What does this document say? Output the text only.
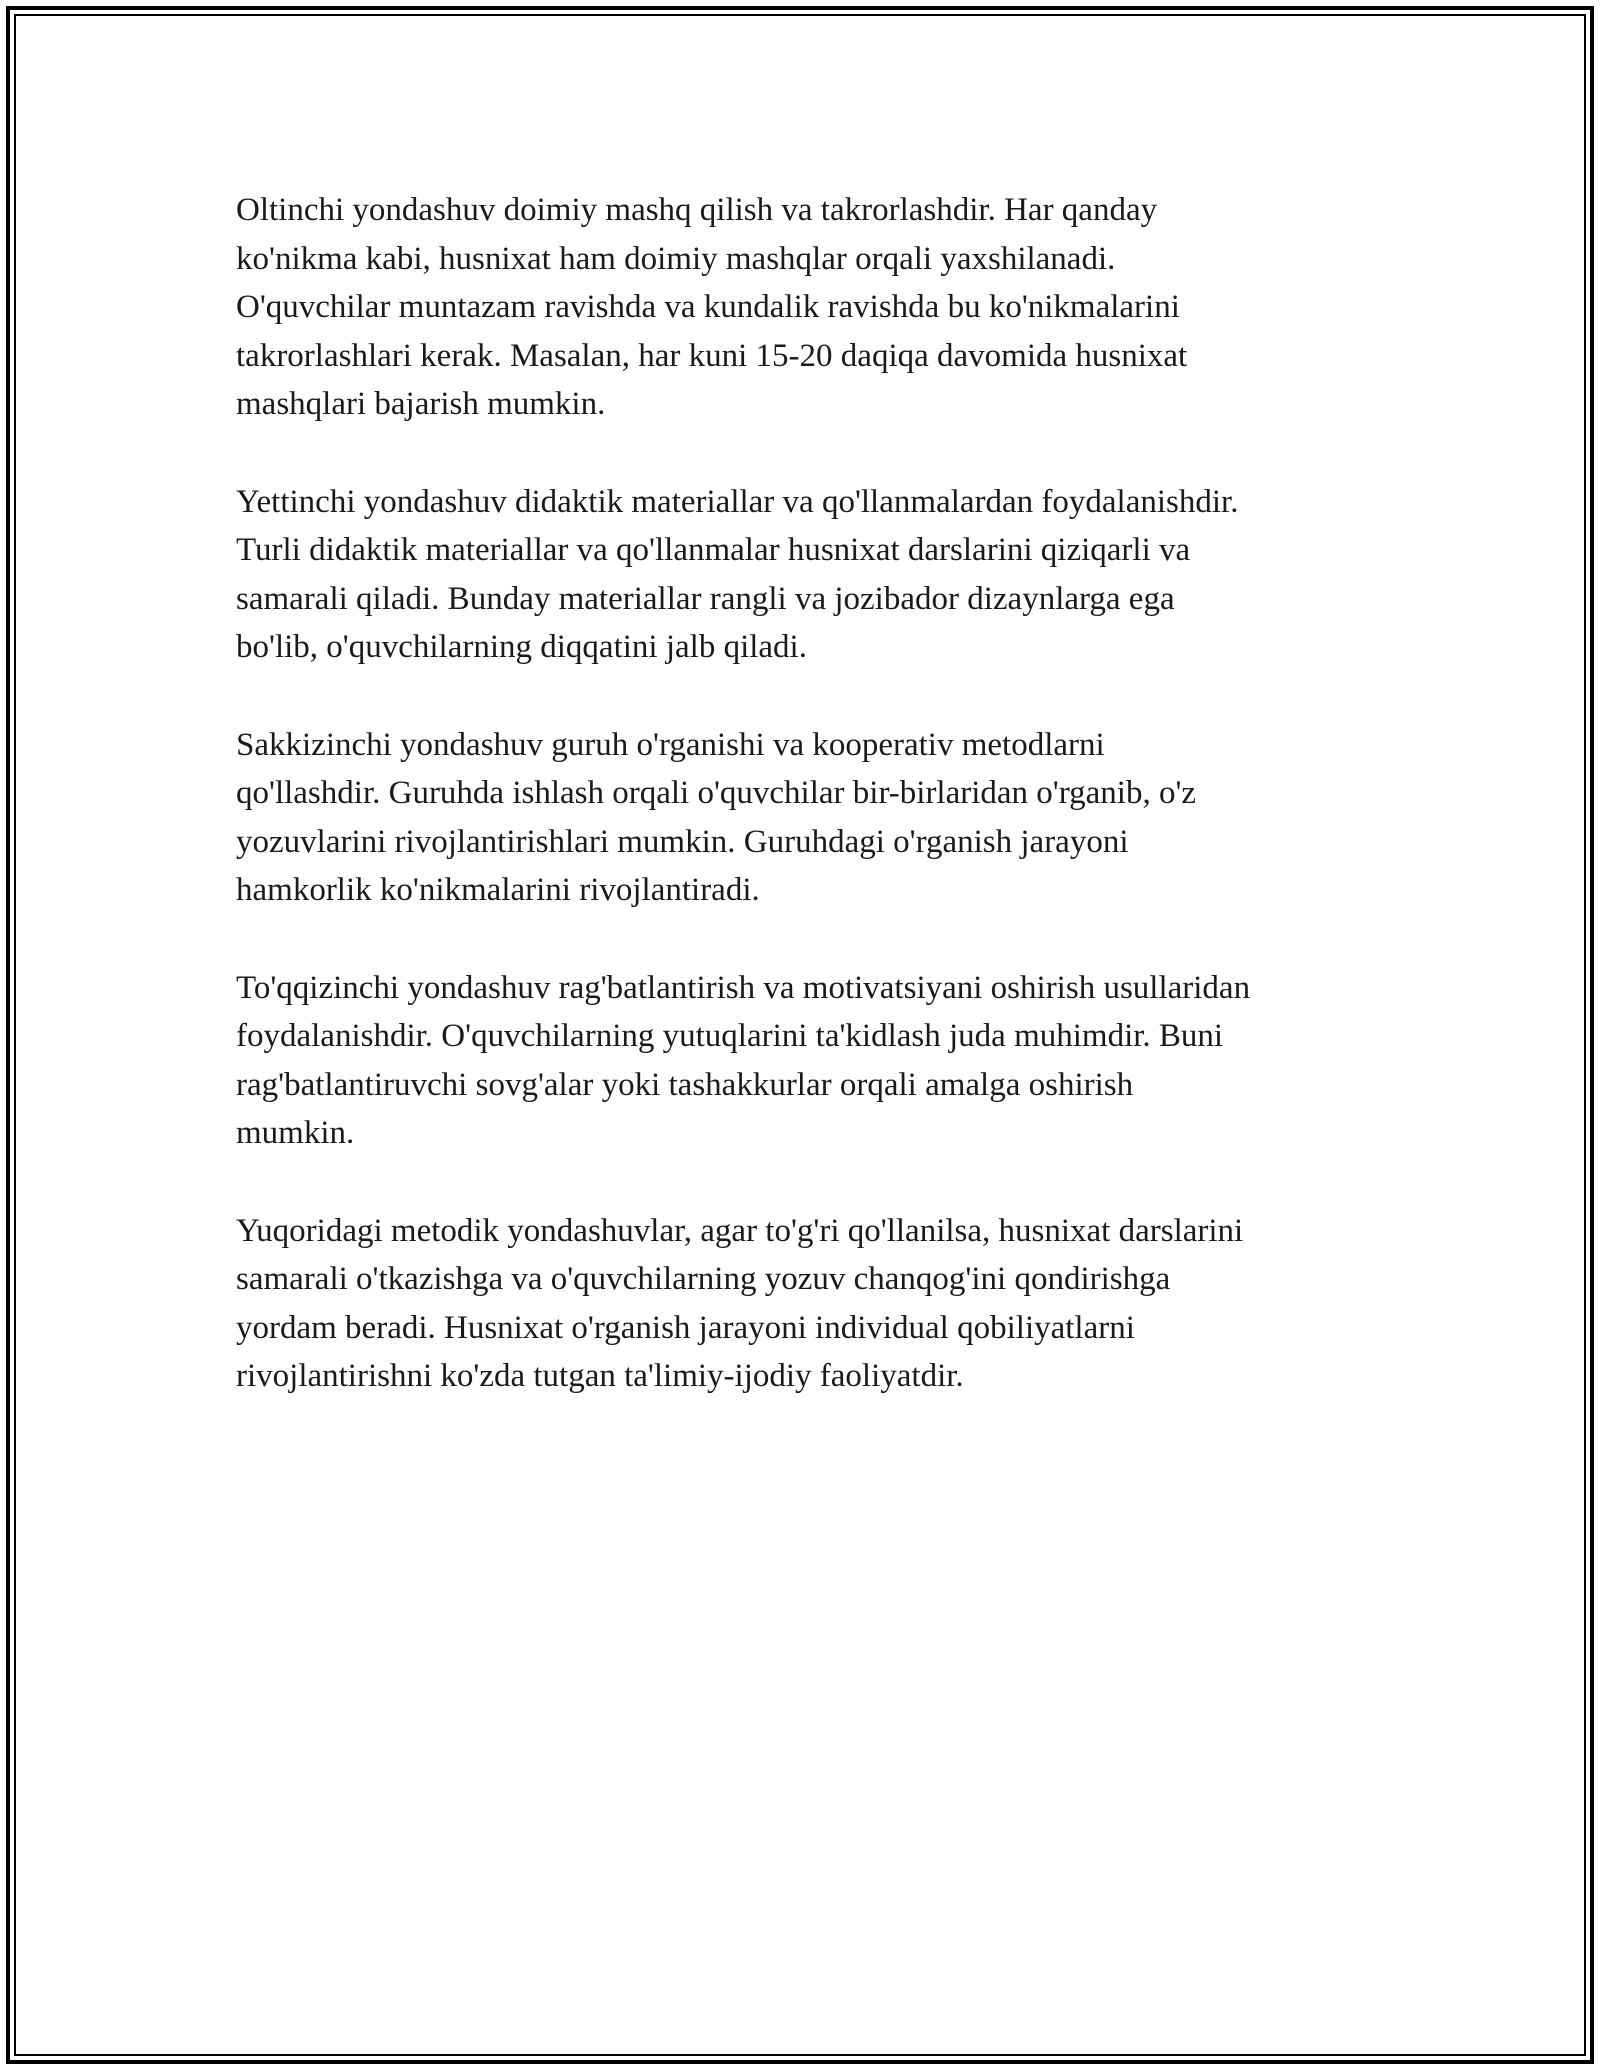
Oltinchi yondashuv doimiy mashq qilish va takrorlashdir. Har qanday
ko'nikma kabi, husnixat ham doimiy mashqlar orqali yaxshilanadi.
O'quvchilar muntazam ravishda va kundalik ravishda bu ko'nikmalarini
takrorlashlari kerak. Masalan, har kuni 15-20 daqiqa davomida husnixat
mashqlari bajarish mumkin.

Yettinchi yondashuv didaktik materiallar va qo'llanmalardan foydalanishdir.
Turli didaktik materiallar va qo'llanmalar husnixat darslarini qiziqarli va
samarali qiladi. Bunday materiallar rangli va jozibador dizaynlarga ega
bo'lib, o'quvchilarning diqqatini jalb qiladi.

Sakkizinchi yondashuv guruh o'rganishi va kooperativ metodlarni
qo'llashdir. Guruhda ishlash orqali o'quvchilar bir-birlaridan o'rganib, o'z
yozuvlarini rivojlantirishlari mumkin. Guruhdagi o'rganish jarayoni
hamkorlik ko'nikmalarini rivojlantiradi.

To'qqizinchi yondashuv rag'batlantirish va motivatsiyani oshirish usullaridan
foydalanishdir. O'quvchilarning yutuqlarini ta'kidlash juda muhimdir. Buni
rag'batlantiruvchi sovg'alar yoki tashakkurlar orqali amalga oshirish
mumkin.

Yuqoridagi metodik yondashuvlar, agar to'g'ri qo'llanilsa, husnixat darslarini
samarali o'tkazishga va o'quvchilarning yozuv chanqog'ini qondirishga
yordam beradi. Husnixat o'rganish jarayoni individual qobiliyatlarni
rivojlantirishni ko'zda tutgan ta'limiy-ijodiy faoliyatdir.
